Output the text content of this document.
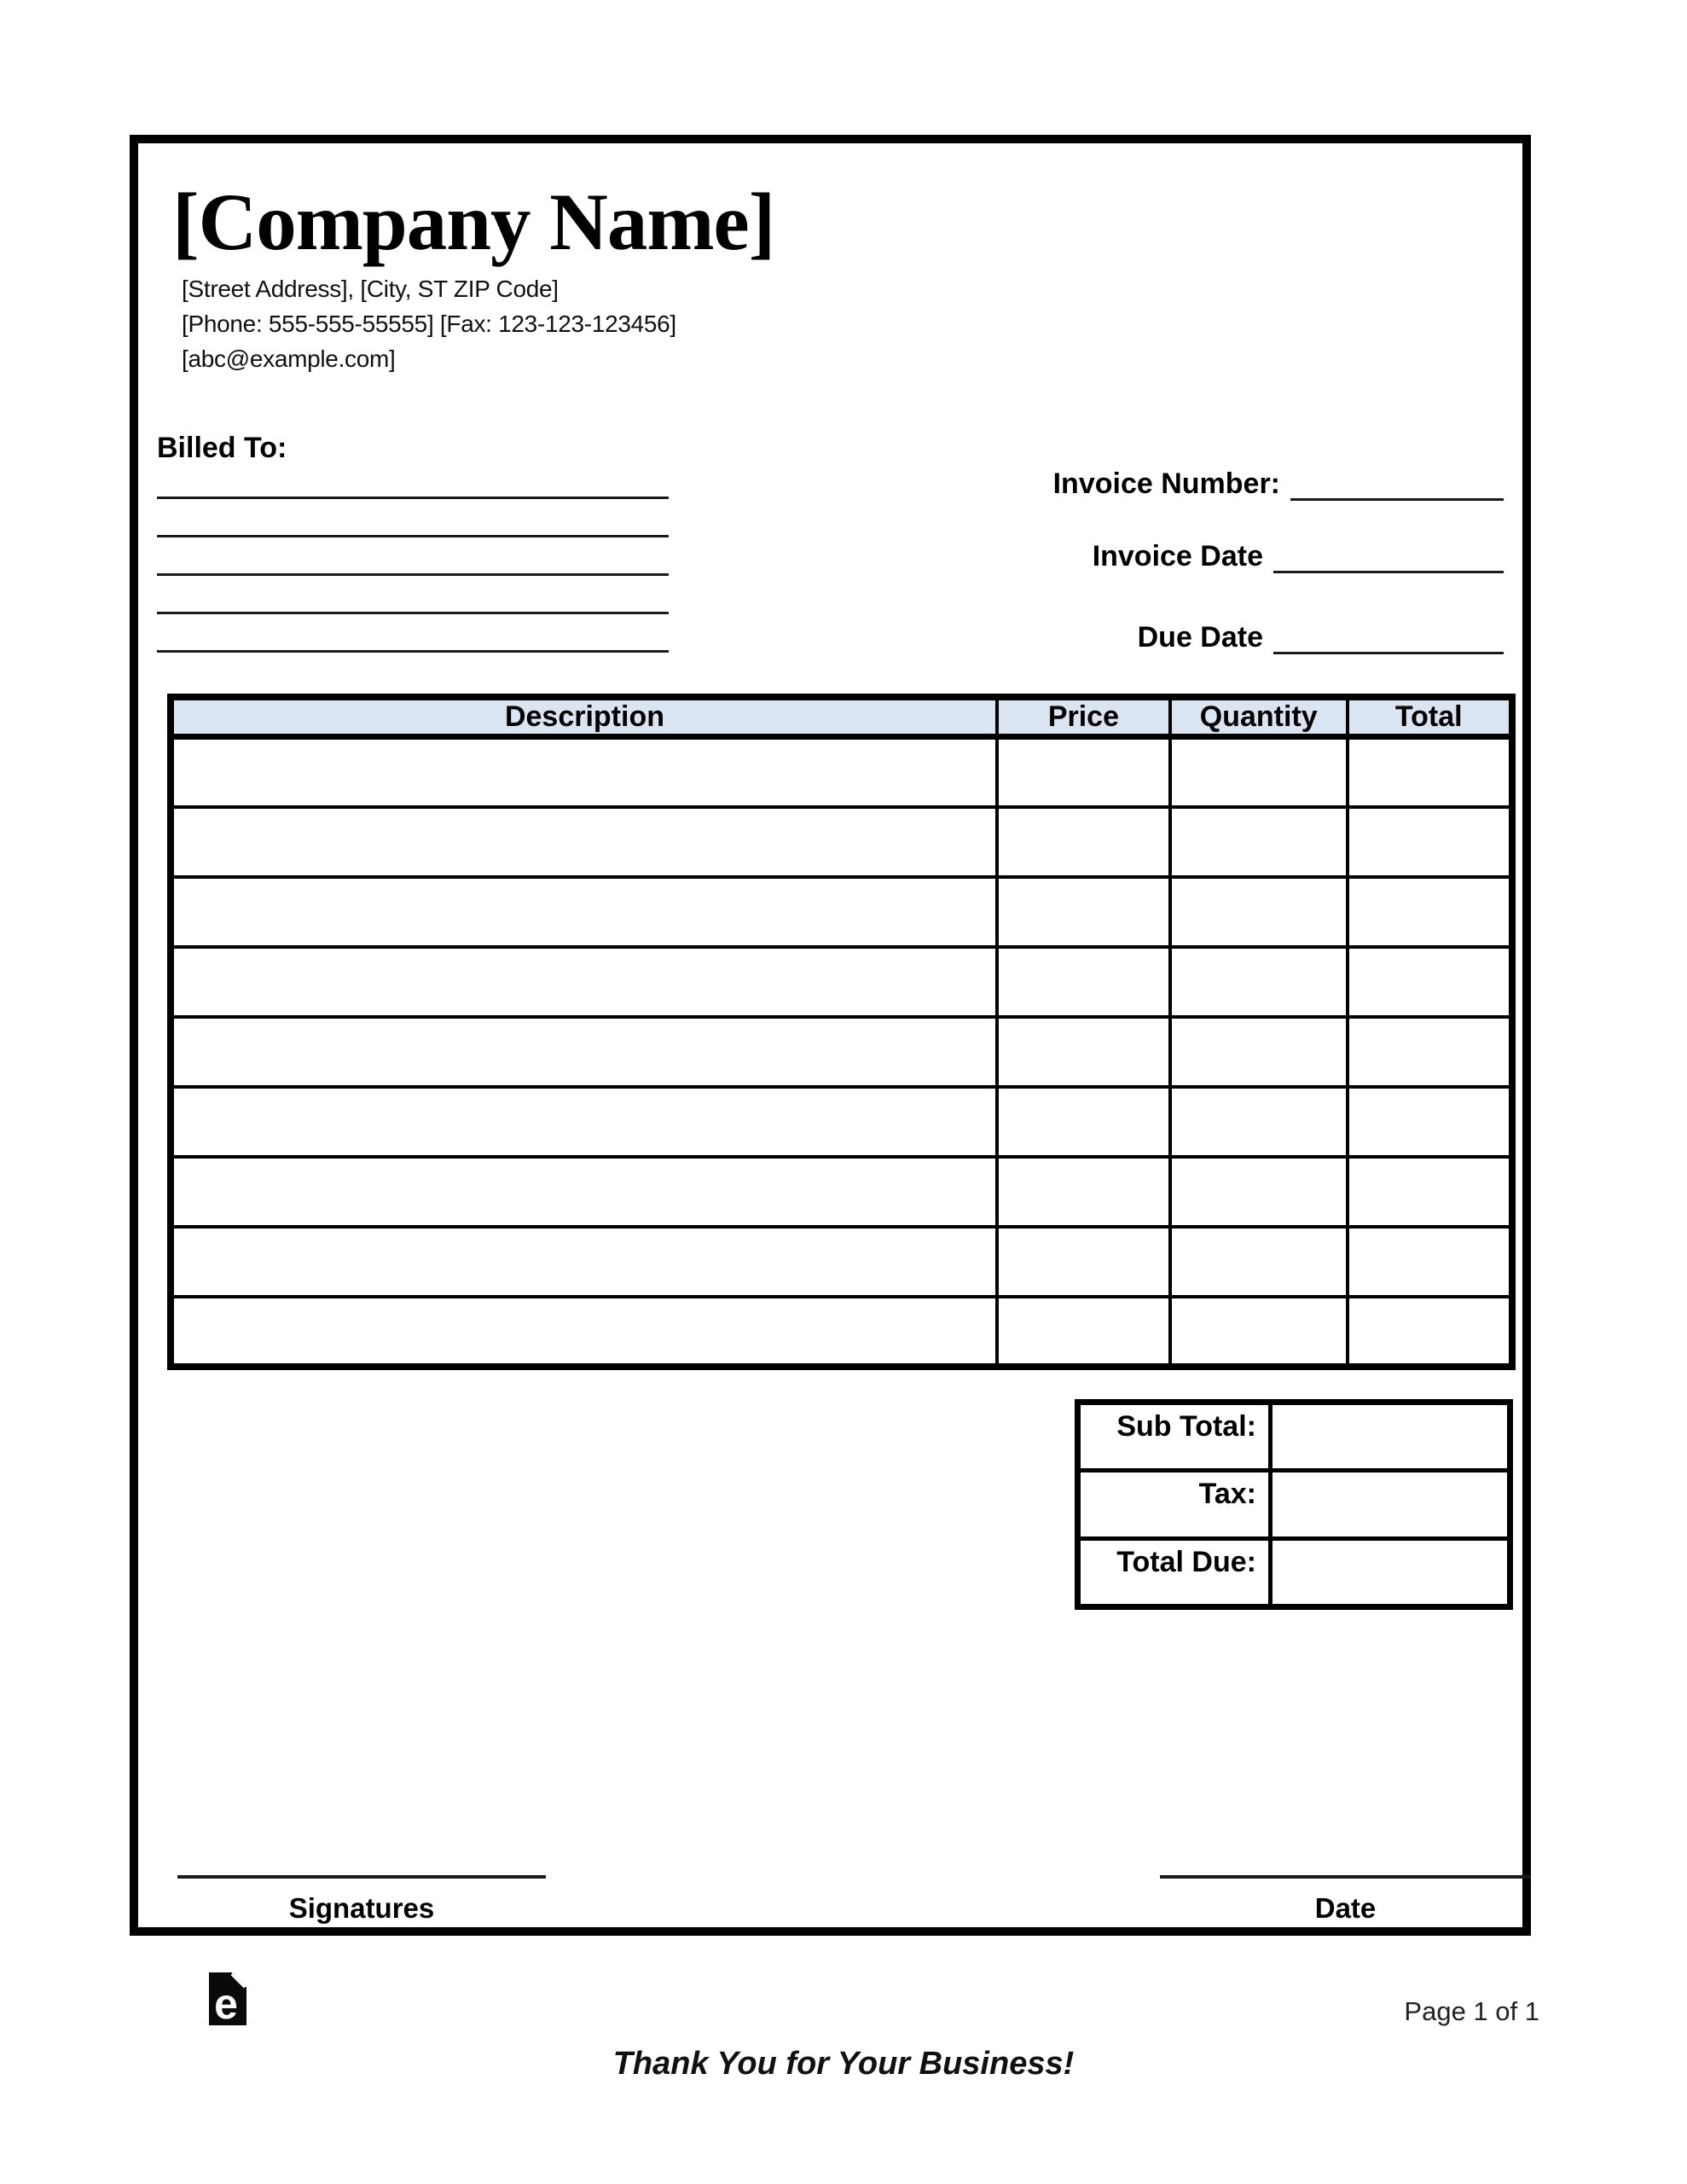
[Company Name]
[Street Address], [City, ST ZIP Code]
[Phone: 555-555-55555] [Fax: 123-123-123456]
[abc@example.com]
Billed To:
Invoice Number:
Invoice Date
Due Date
Description	Price	Quantity	Total

Sub Total:	
Tax:	
Total Due:	
Signatures	Date
e
Thank You for Your Business!
Page 1 of 1
